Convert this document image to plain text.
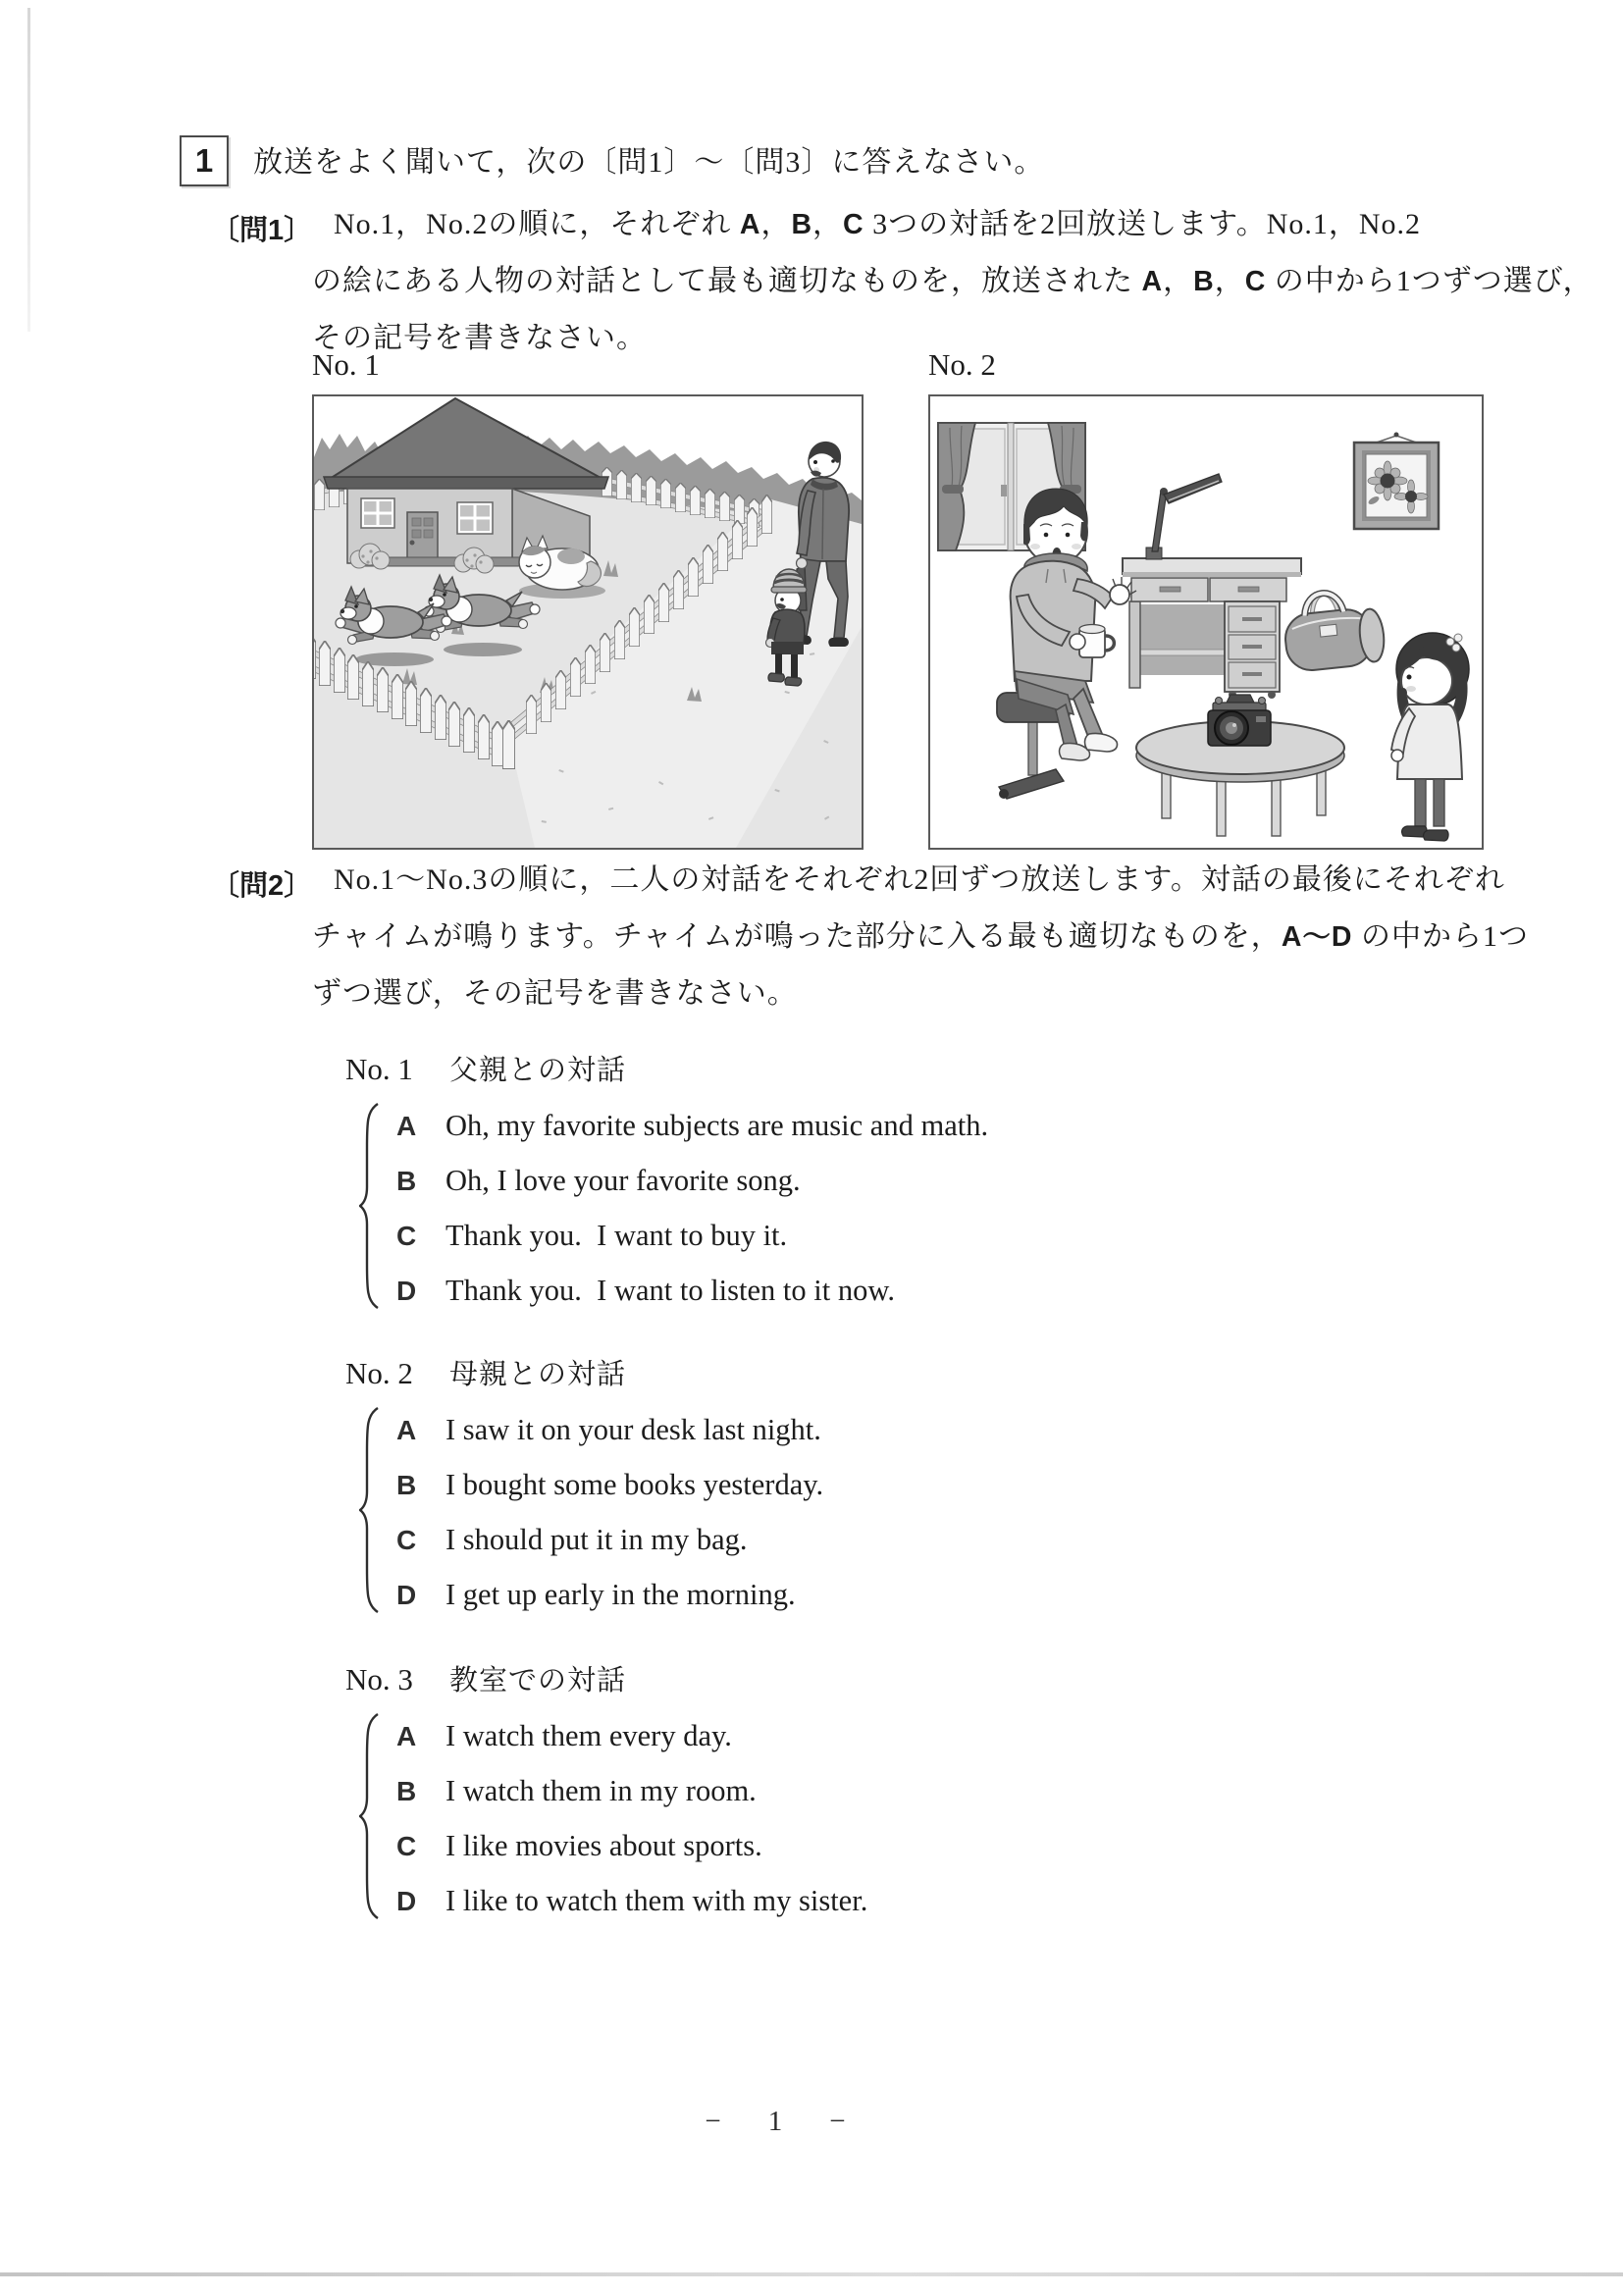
1 放送をよく聞いて，次の〔問1〕～〔問3〕に答えなさい。
〔問1〕 No.1，No.2の順に，それぞれ A，B，C 3つの対話を2回放送します。No.1，No.2
の絵にある人物の対話として最も適切なものを，放送された A，B，C の中から1つずつ選び，
その記号を書きなさい。
No. 1	No. 2
〔問2〕 No.1～No.3の順に，二人の対話をそれぞれ2回ずつ放送します。対話の最後にそれぞれ
チャイムが鳴ります。チャイムが鳴った部分に入る最も適切なものを，A～D の中から1つ
ずつ選び，その記号を書きなさい。
No. 1 父親との対話
A Oh, my favorite subjects are music and math.
B Oh, I love your favorite song.
C Thank you.  I want to buy it.
D Thank you.  I want to listen to it now.
No. 2 母親との対話
A I saw it on your desk last night.
B I bought some books yesterday.
C I should put it in my bag.
D I get up early in the morning.
No. 3 教室での対話
A I watch them every day.
B I watch them in my room.
C I like movies about sports.
D I like to watch them with my sister.
− 1 −
